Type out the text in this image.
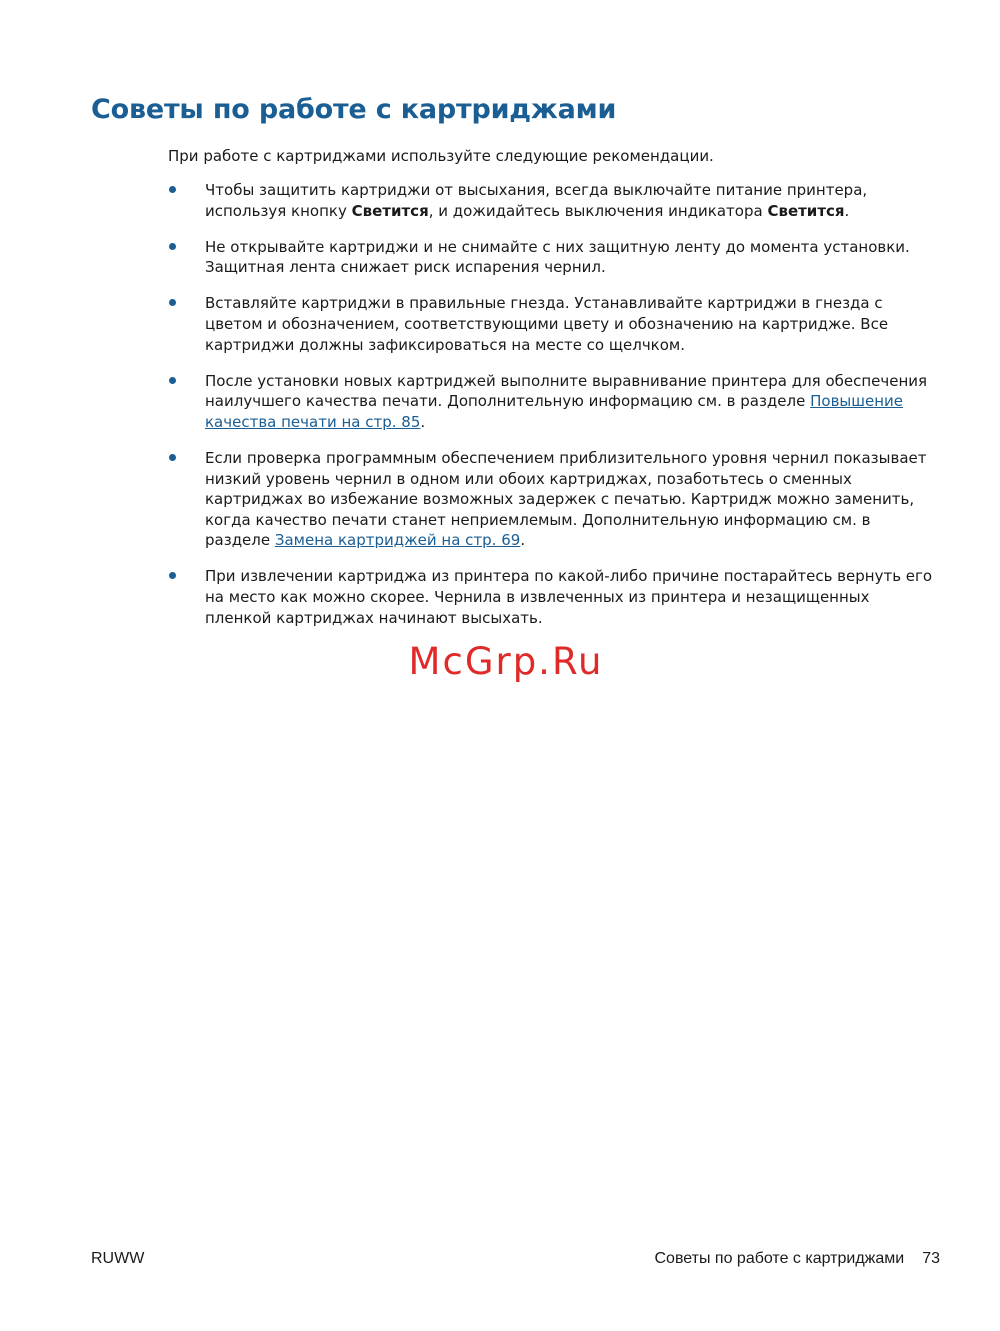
Советы по работе с картриджами

При работе с картриджами используйте следующие рекомендации.

Чтобы защитить картриджи от высыхания, всегда выключайте питание принтера, используя кнопку Светится, и дожидайтесь выключения индикатора Светится.
Не открывайте картриджи и не снимайте с них защитную ленту до момента установки. Защитная лента снижает риск испарения чернил.
Вставляйте картриджи в правильные гнезда. Устанавливайте картриджи в гнезда с цветом и обозначением, соответствующими цвету и обозначению на картридже. Все картриджи должны зафиксироваться на месте со щелчком.
После установки новых картриджей выполните выравнивание принтера для обеспечения наилучшего качества печати. Дополнительную информацию см. в разделе Повышение качества печати на стр. 85.
Если проверка программным обеспечением приблизительного уровня чернил показывает низкий уровень чернил в одном или обоих картриджах, позаботьтесь о сменных картриджах во избежание возможных задержек с печатью. Картридж можно заменить, когда качество печати станет неприемлемым. Дополнительную информацию см. в разделе Замена картриджей на стр. 69.
При извлечении картриджа из принтера по какой-либо причине постарайтесь вернуть его на место как можно скорее. Чернила в извлеченных из принтера и незащищенных пленкой картриджах начинают высыхать.
McGrp.Ru
RUWW	Советы по работе с картриджами 73
